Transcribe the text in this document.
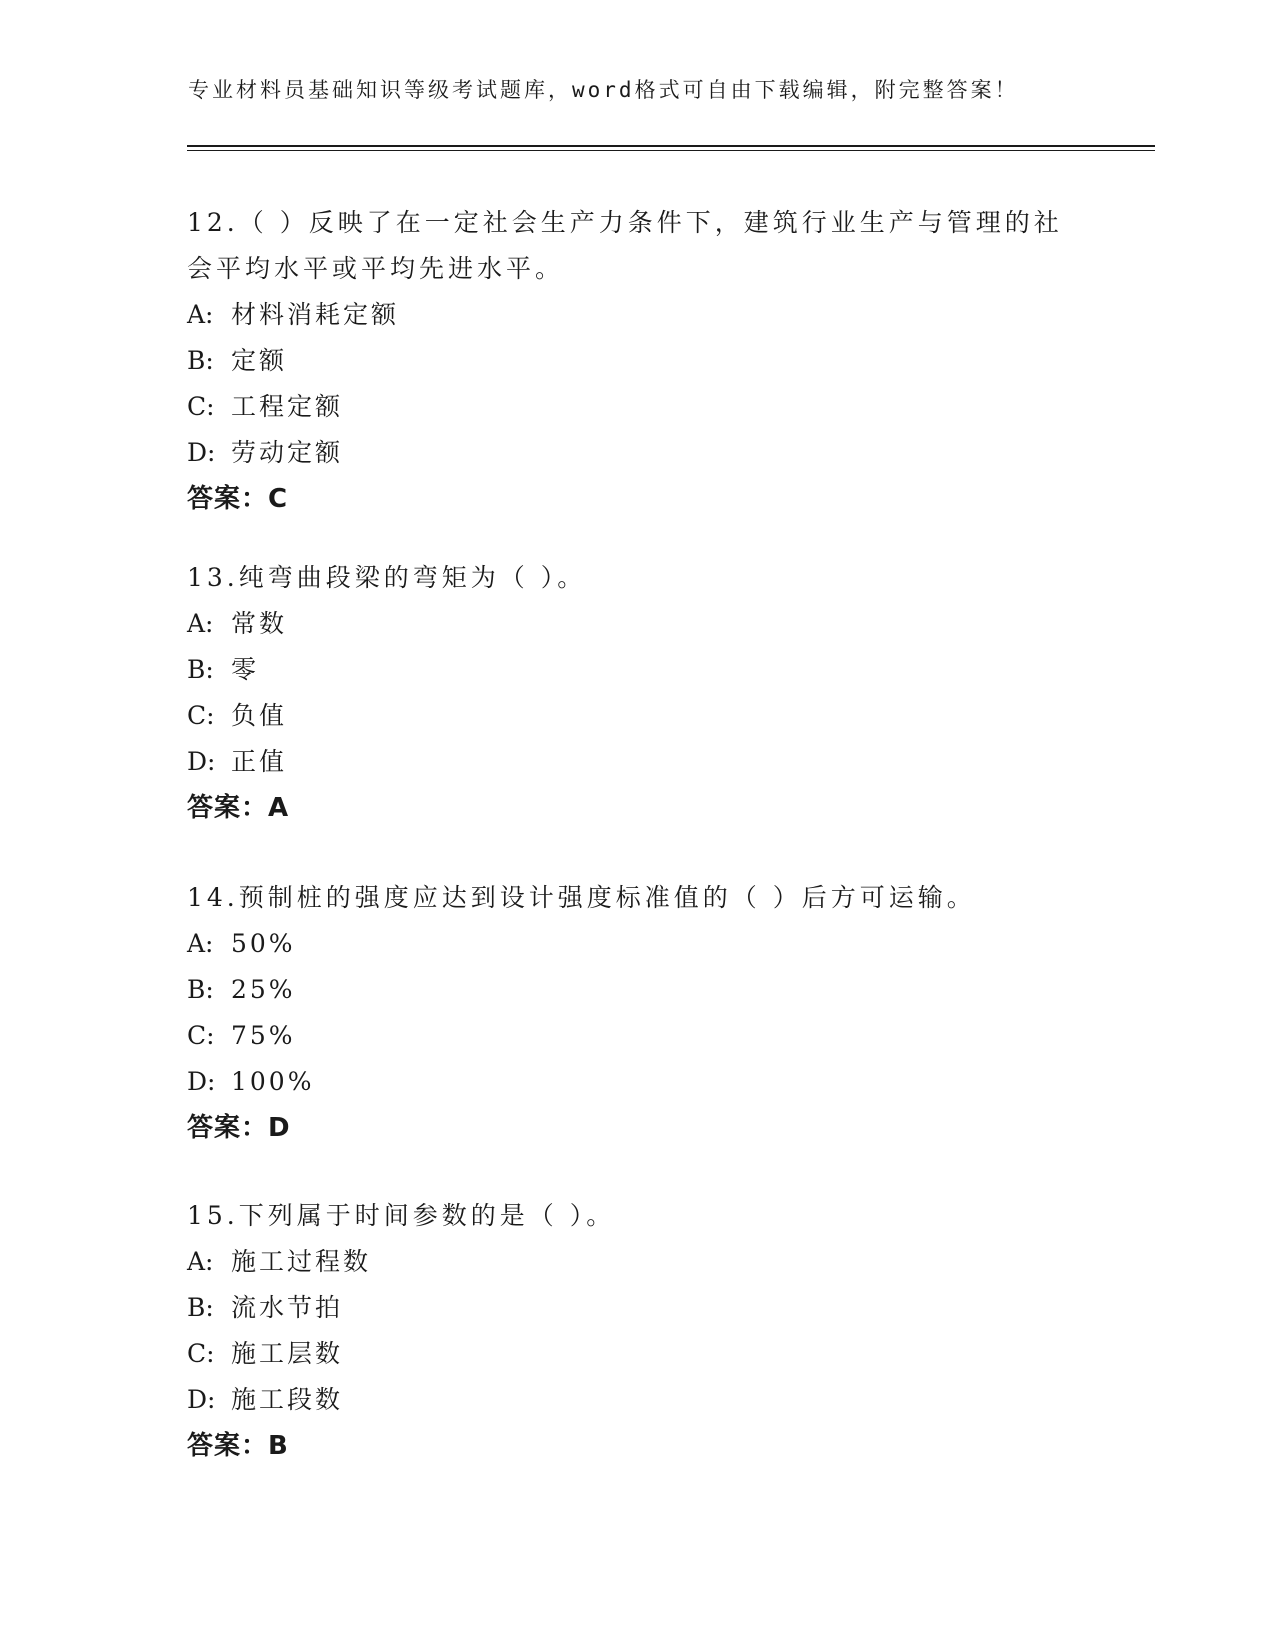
专业材料员基础知识等级考试题库，word格式可自由下载编辑，附完整答案！

12.（ ）反映了在一定社会生产力条件下，建筑行业生产与管理的社

会平均水平或平均先进水平。

A: 材料消耗定额

B: 定额

C: 工程定额

D: 劳动定额

答案：C

13.纯弯曲段梁的弯矩为（ ）。

A: 常数

B: 零

C: 负值

D: 正值

答案：A

14.预制桩的强度应达到设计强度标准值的（ ）后方可运输。

A: 50%

B: 25%

C: 75%

D: 100%

答案：D

15.下列属于时间参数的是（ ）。

A: 施工过程数

B: 流水节拍

C: 施工层数

D: 施工段数

答案：B
